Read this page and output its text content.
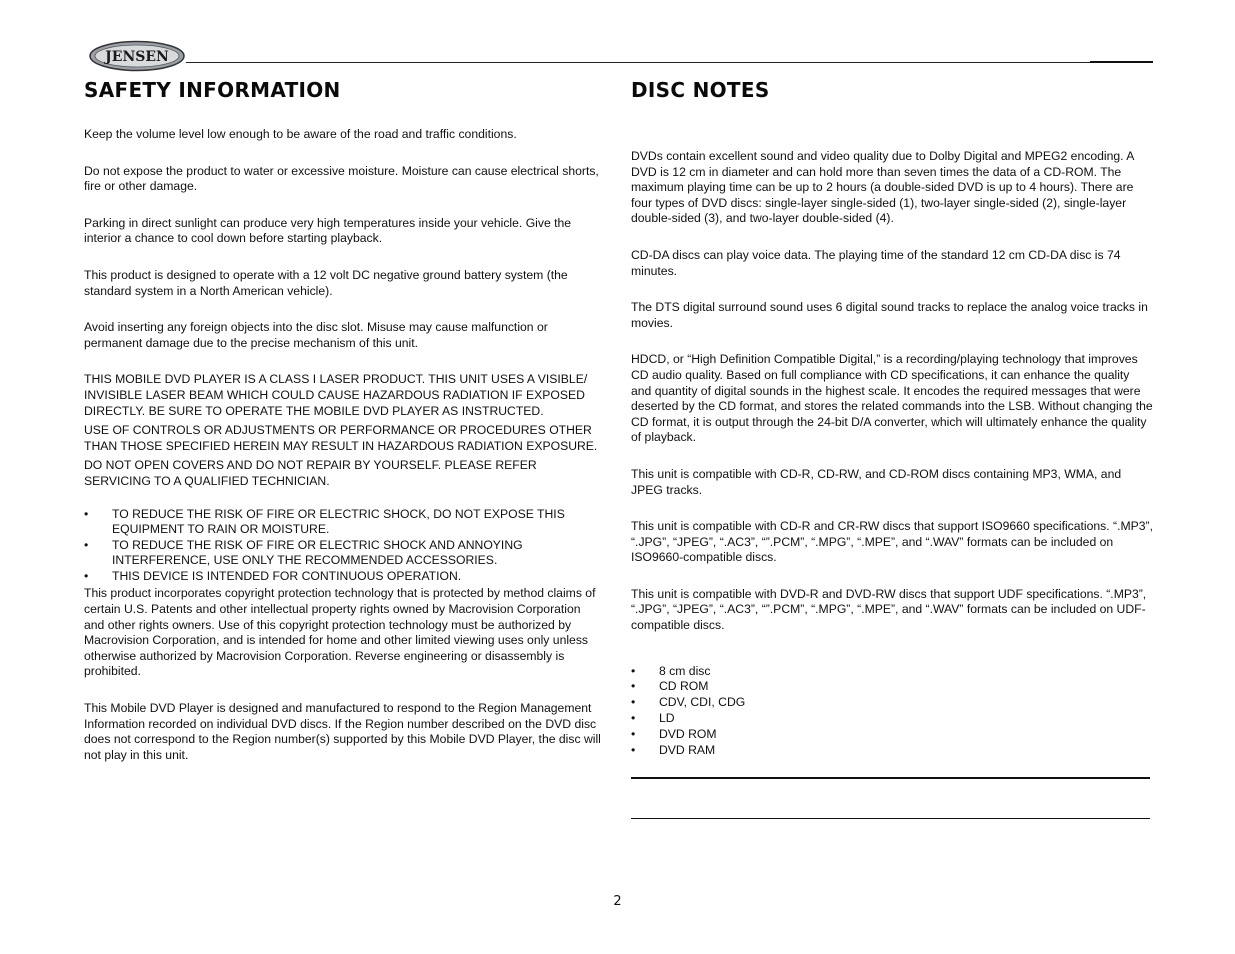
JENSEN
SAFETY INFORMATION	DISC NOTES

Keep the volume level low enough to be aware of the road and traffic conditions.

Do not expose the product to water or excessive moisture. Moisture can cause electrical shorts, fire or other damage.

Parking in direct sunlight can produce very high temperatures inside your vehicle. Give the interior a chance to cool down before starting playback.

This product is designed to operate with a 12 volt DC negative ground battery system (the standard system in a North American vehicle).

Avoid inserting any foreign objects into the disc slot. Misuse may cause malfunction or permanent damage due to the precise mechanism of this unit.

THIS MOBILE DVD PLAYER IS A CLASS I LASER PRODUCT. THIS UNIT USES A VISIBLE/ INVISIBLE LASER BEAM WHICH COULD CAUSE HAZARDOUS RADIATION IF EXPOSED DIRECTLY. BE SURE TO OPERATE THE MOBILE DVD PLAYER AS INSTRUCTED.

USE OF CONTROLS OR ADJUSTMENTS OR PERFORMANCE OR PROCEDURES OTHER THAN THOSE SPECIFIED HEREIN MAY RESULT IN HAZARDOUS RADIATION EXPOSURE.

DO NOT OPEN COVERS AND DO NOT REPAIR BY YOURSELF. PLEASE REFER SERVICING TO A QUALIFIED TECHNICIAN.

• TO REDUCE THE RISK OF FIRE OR ELECTRIC SHOCK, DO NOT EXPOSE THIS EQUIPMENT TO RAIN OR MOISTURE.
• TO REDUCE THE RISK OF FIRE OR ELECTRIC SHOCK AND ANNOYING INTERFERENCE, USE ONLY THE RECOMMENDED ACCESSORIES.
• THIS DEVICE IS INTENDED FOR CONTINUOUS OPERATION.

This product incorporates copyright protection technology that is protected by method claims of certain U.S. Patents and other intellectual property rights owned by Macrovision Corporation and other rights owners. Use of this copyright protection technology must be authorized by Macrovision Corporation, and is intended for home and other limited viewing uses only unless otherwise authorized by Macrovision Corporation. Reverse engineering or disassembly is prohibited.

This Mobile DVD Player is designed and manufactured to respond to the Region Management Information recorded on individual DVD discs. If the Region number described on the DVD disc does not correspond to the Region number(s) supported by this Mobile DVD Player, the disc will not play in this unit.

DVDs contain excellent sound and video quality due to Dolby Digital and MPEG2 encoding. A DVD is 12 cm in diameter and can hold more than seven times the data of a CD-ROM. The maximum playing time can be up to 2 hours (a double-sided DVD is up to 4 hours). There are four types of DVD discs: single-layer single-sided (1), two-layer single-sided (2), single-layer double-sided (3), and two-layer double-sided (4).

CD-DA discs can play voice data. The playing time of the standard 12 cm CD-DA disc is 74 minutes.

The DTS digital surround sound uses 6 digital sound tracks to replace the analog voice tracks in movies.

HDCD, or “High Definition Compatible Digital,” is a recording/playing technology that improves CD audio quality. Based on full compliance with CD specifications, it can enhance the quality and quantity of digital sounds in the highest scale. It encodes the required messages that were deserted by the CD format, and stores the related commands into the LSB. Without changing the CD format, it is output through the 24-bit D/A converter, which will ultimately enhance the quality of playback.

This unit is compatible with CD-R, CD-RW, and CD-ROM discs containing MP3, WMA, and JPEG tracks.

This unit is compatible with CD-R and CR-RW discs that support ISO9660 specifications. “.MP3”, “.JPG”, “JPEG”, “.AC3”, “”.PCM”, “.MPG”, “.MPE”, and “.WAV” formats can be included on ISO9660-compatible discs.

This unit is compatible with DVD-R and DVD-RW discs that support UDF specifications. “.MP3”, “.JPG”, “JPEG”, “.AC3”, “”.PCM”, “.MPG”, “.MPE”, and “.WAV” formats can be included on UDF-compatible discs.

• 8 cm disc
• CD ROM
• CDV, CDI, CDG
• LD
• DVD ROM
• DVD RAM
2
